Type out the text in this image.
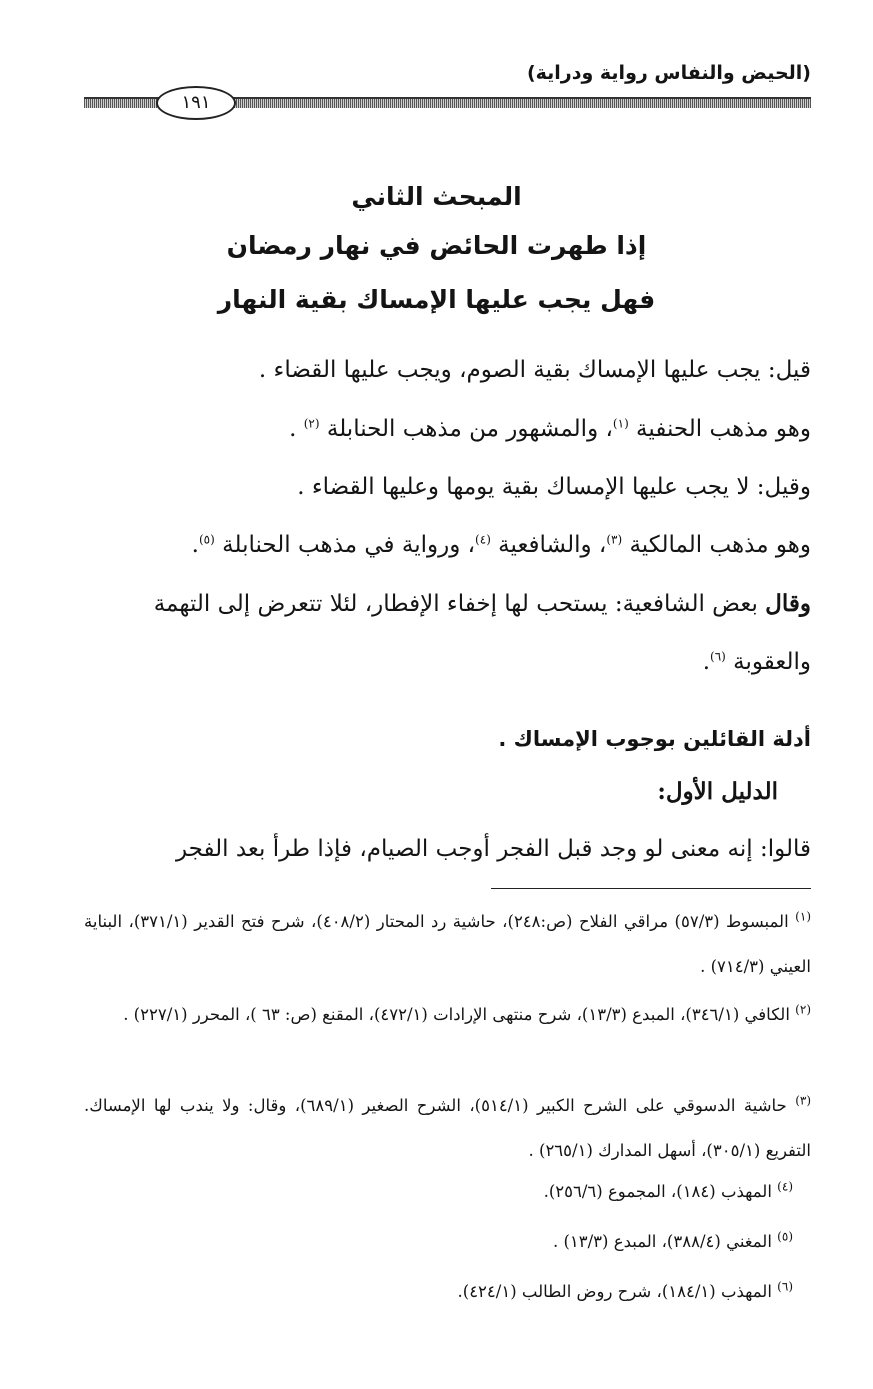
(الحيض والنفاس رواية ودراية)
١٩١
المبحث الثاني
إذا طهرت الحائض في نهار رمضان
فهل يجب عليها الإمساك بقية النهار
قيل: يجب عليها الإمساك بقية الصوم، ويجب عليها القضاء .
وهو مذهب الحنفية $^{(١)}$، والمشهور من مذهب الحنابلة $^{(٢)}$ .
وقيل: لا يجب عليها الإمساك بقية يومها وعليها القضاء .
وهو مذهب المالكية $^{(٣)}$، والشافعية $^{(٤)}$، ورواية في مذهب الحنابلة $^{(٥)}$.
وقال بعض الشافعية: يستحب لها إخفاء الإفطار، لئلا تتعرض إلى التهمة
والعقوبة $^{(٦)}$.
أدلة القائلين بوجوب الإمساك .
الدليل الأول:
قالوا: إنه معنى لو وجد قبل الفجر أوجب الصيام، فإذا طرأ بعد الفجر
$^{(١)}$ المبسوط (٥٧/٣) مراقي الفلاح (ص:٢٤٨)، حاشية رد المحتار (٤٠٨/٢)، شرح فتح القدير (٣٧١/١)، البناية العيني (٧١٤/٣) .
$^{(٢)}$ الكافي (٣٤٦/١)، المبدع (١٣/٣)، شرح منتهى الإرادات (٤٧٢/١)، المقنع (ص: ٦٣ )، المحرر (٢٢٧/١) .
$^{(٣)}$ حاشية الدسوقي على الشرح الكبير (٥١٤/١)، الشرح الصغير (٦٨٩/١)، وقال: ولا يندب لها الإمساك. التفريع (٣٠٥/١)، أسهل المدارك (٢٦٥/١) .
$^{(٤)}$ المهذب (١٨٤)، المجموع (٢٥٦/٦).
$^{(٥)}$ المغني (٣٨٨/٤)، المبدع (١٣/٣) .
$^{(٦)}$ المهذب (١٨٤/١)، شرح روض الطالب (٤٢٤/١).
